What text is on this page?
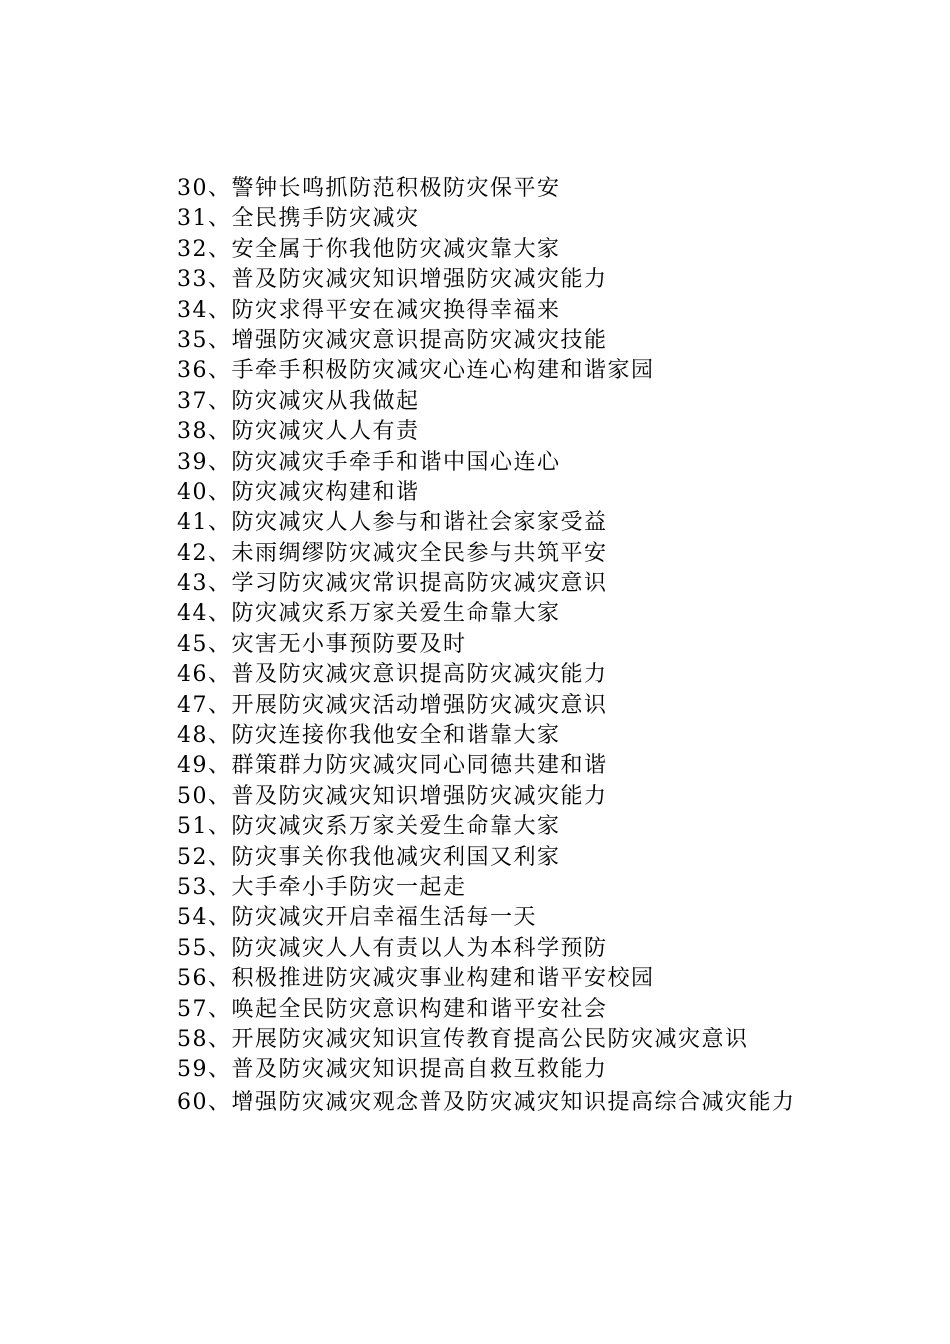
30、警钟长鸣抓防范积极防灾保平安
31、全民携手防灾减灾
32、安全属于你我他防灾减灾靠大家
33、普及防灾减灾知识增强防灾减灾能力
34、防灾求得平安在减灾换得幸福来
35、增强防灾减灾意识提高防灾减灾技能
36、手牵手积极防灾减灾心连心构建和谐家园
37、防灾减灾从我做起
38、防灾减灾人人有责
39、防灾减灾手牵手和谐中国心连心
40、防灾减灾构建和谐
41、防灾减灾人人参与和谐社会家家受益
42、未雨绸缪防灾减灾全民参与共筑平安
43、学习防灾减灾常识提高防灾减灾意识
44、防灾减灾系万家关爱生命靠大家
45、灾害无小事预防要及时
46、普及防灾减灾意识提高防灾减灾能力
47、开展防灾减灾活动增强防灾减灾意识
48、防灾连接你我他安全和谐靠大家
49、群策群力防灾减灾同心同德共建和谐
50、普及防灾减灾知识增强防灾减灾能力
51、防灾减灾系万家关爱生命靠大家
52、防灾事关你我他减灾利国又利家
53、大手牵小手防灾一起走
54、防灾减灾开启幸福生活每一天
55、防灾减灾人人有责以人为本科学预防
56、积极推进防灾减灾事业构建和谐平安校园
57、唤起全民防灾意识构建和谐平安社会
58、开展防灾减灾知识宣传教育提高公民防灾减灾意识
59、普及防灾减灾知识提高自救互救能力
60、增强防灾减灾观念普及防灾减灾知识提高综合减灾能力
